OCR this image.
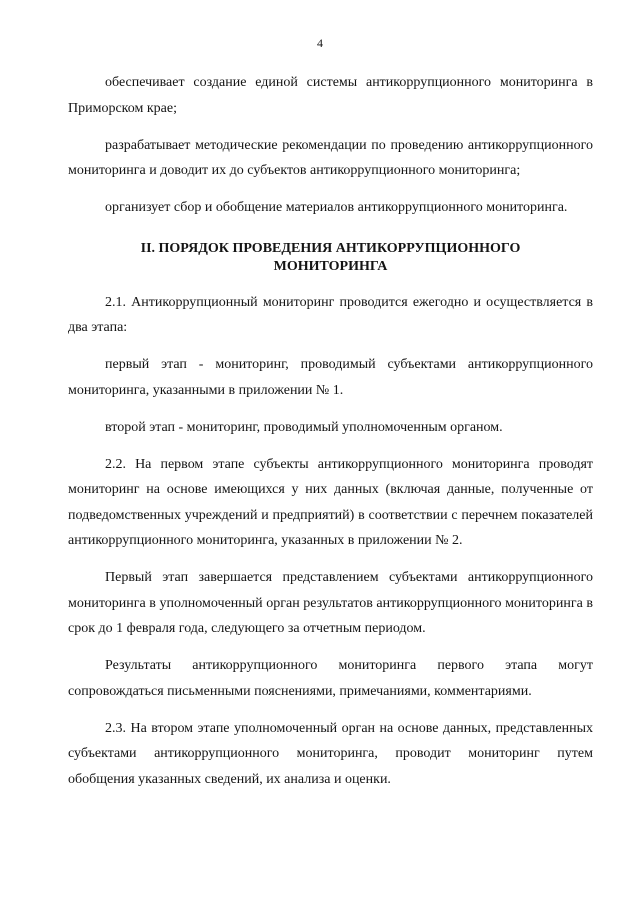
4

обеспечивает создание единой системы антикоррупционного мониторинга в Приморском крае;

разрабатывает методические рекомендации по проведению антикоррупционного мониторинга и доводит их до субъектов антикоррупционного мониторинга;

организует сбор и обобщение материалов антикоррупционного мониторинга.

II. ПОРЯДОК ПРОВЕДЕНИЯ АНТИКОРРУПЦИОННОГО
МОНИТОРИНГА

2.1. Антикоррупционный мониторинг проводится ежегодно и осуществляется в два этапа:

первый этап - мониторинг, проводимый субъектами антикоррупционного мониторинга, указанными в приложении № 1.

второй этап - мониторинг, проводимый уполномоченным органом.

2.2. На первом этапе субъекты антикоррупционного мониторинга проводят мониторинг на основе имеющихся у них данных (включая данные, полученные от подведомственных учреждений и предприятий) в соответствии с перечнем показателей антикоррупционного мониторинга, указанных в приложении № 2.

Первый этап завершается представлением субъектами антикоррупционного мониторинга в уполномоченный орган результатов антикоррупционного мониторинга в срок до 1 февраля года, следующего за отчетным периодом.

Результаты антикоррупционного мониторинга первого этапа могут сопровождаться письменными пояснениями, примечаниями, комментариями.

2.3. На втором этапе уполномоченный орган на основе данных, представленных субъектами антикоррупционного мониторинга, проводит мониторинг путем обобщения указанных сведений, их анализа и оценки.
